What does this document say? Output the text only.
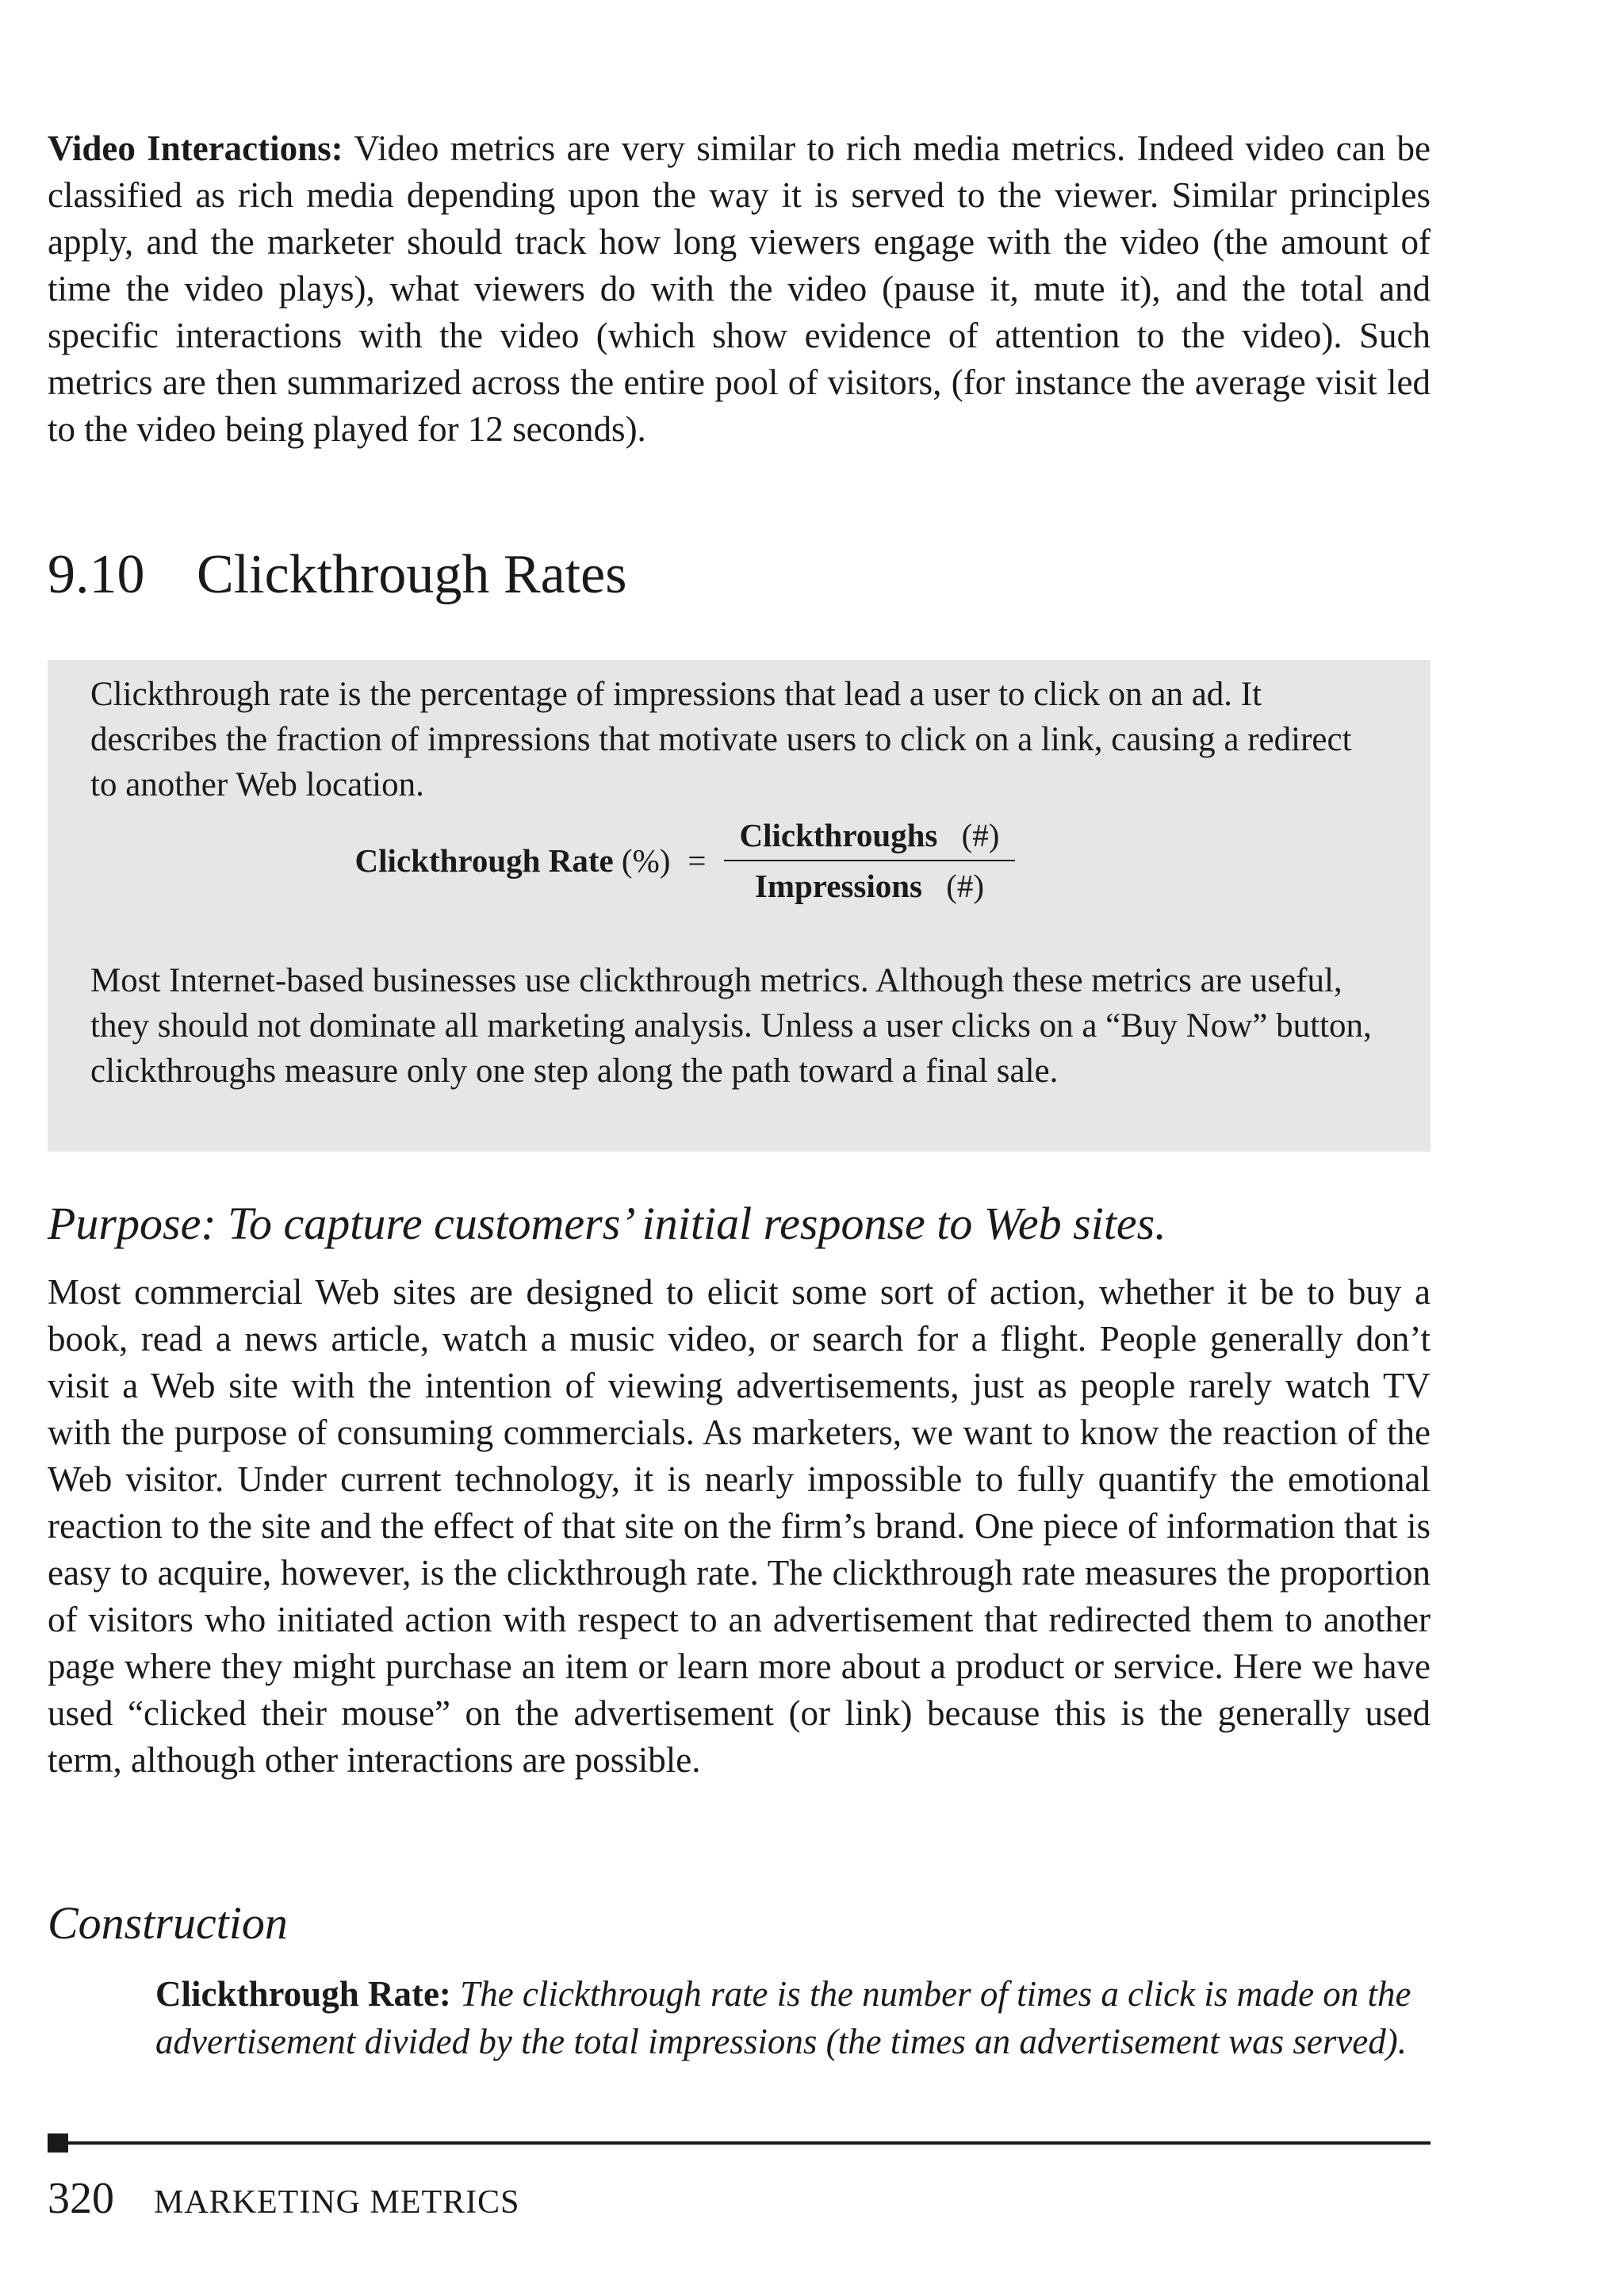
Video Interactions: Video metrics are very similar to rich media metrics. Indeed video can be classified as rich media depending upon the way it is served to the viewer. Similar principles apply, and the marketer should track how long viewers engage with the video (the amount of time the video plays), what viewers do with the video (pause it, mute it), and the total and specific interactions with the video (which show evidence of attention to the video). Such metrics are then summarized across the entire pool of visitors, (for instance the average visit led to the video being played for 12 seconds).

9.10 Clickthrough Rates

Clickthrough rate is the percentage of impressions that lead a user to click on an ad. It describes the fraction of impressions that motivate users to click on a link, causing a redirect to another Web location.

Clickthrough Rate (%) = $\frac{\text{Clickthroughs (\#)}}{\text{Impressions (\#)}}$

Most Internet-based businesses use clickthrough metrics. Although these metrics are useful, they should not dominate all marketing analysis. Unless a user clicks on a “Buy Now” button, clickthroughs measure only one step along the path toward a final sale.

Purpose: To capture customers’ initial response to Web sites.

Most commercial Web sites are designed to elicit some sort of action, whether it be to buy a book, read a news article, watch a music video, or search for a flight. People generally don’t visit a Web site with the intention of viewing advertisements, just as people rarely watch TV with the purpose of consuming commercials. As marketers, we want to know the reaction of the Web visitor. Under current technology, it is nearly impossible to fully quantify the emotional reaction to the site and the effect of that site on the firm’s brand. One piece of information that is easy to acquire, however, is the clickthrough rate. The clickthrough rate measures the proportion of visitors who initiated action with respect to an advertisement that redirected them to another page where they might purchase an item or learn more about a product or service. Here we have used “clicked their mouse” on the advertisement (or link) because this is the generally used term, although other interactions are possible.

Construction

Clickthrough Rate: The clickthrough rate is the number of times a click is made on the advertisement divided by the total impressions (the times an advertisement was served).

320 MARKETING METRICS
